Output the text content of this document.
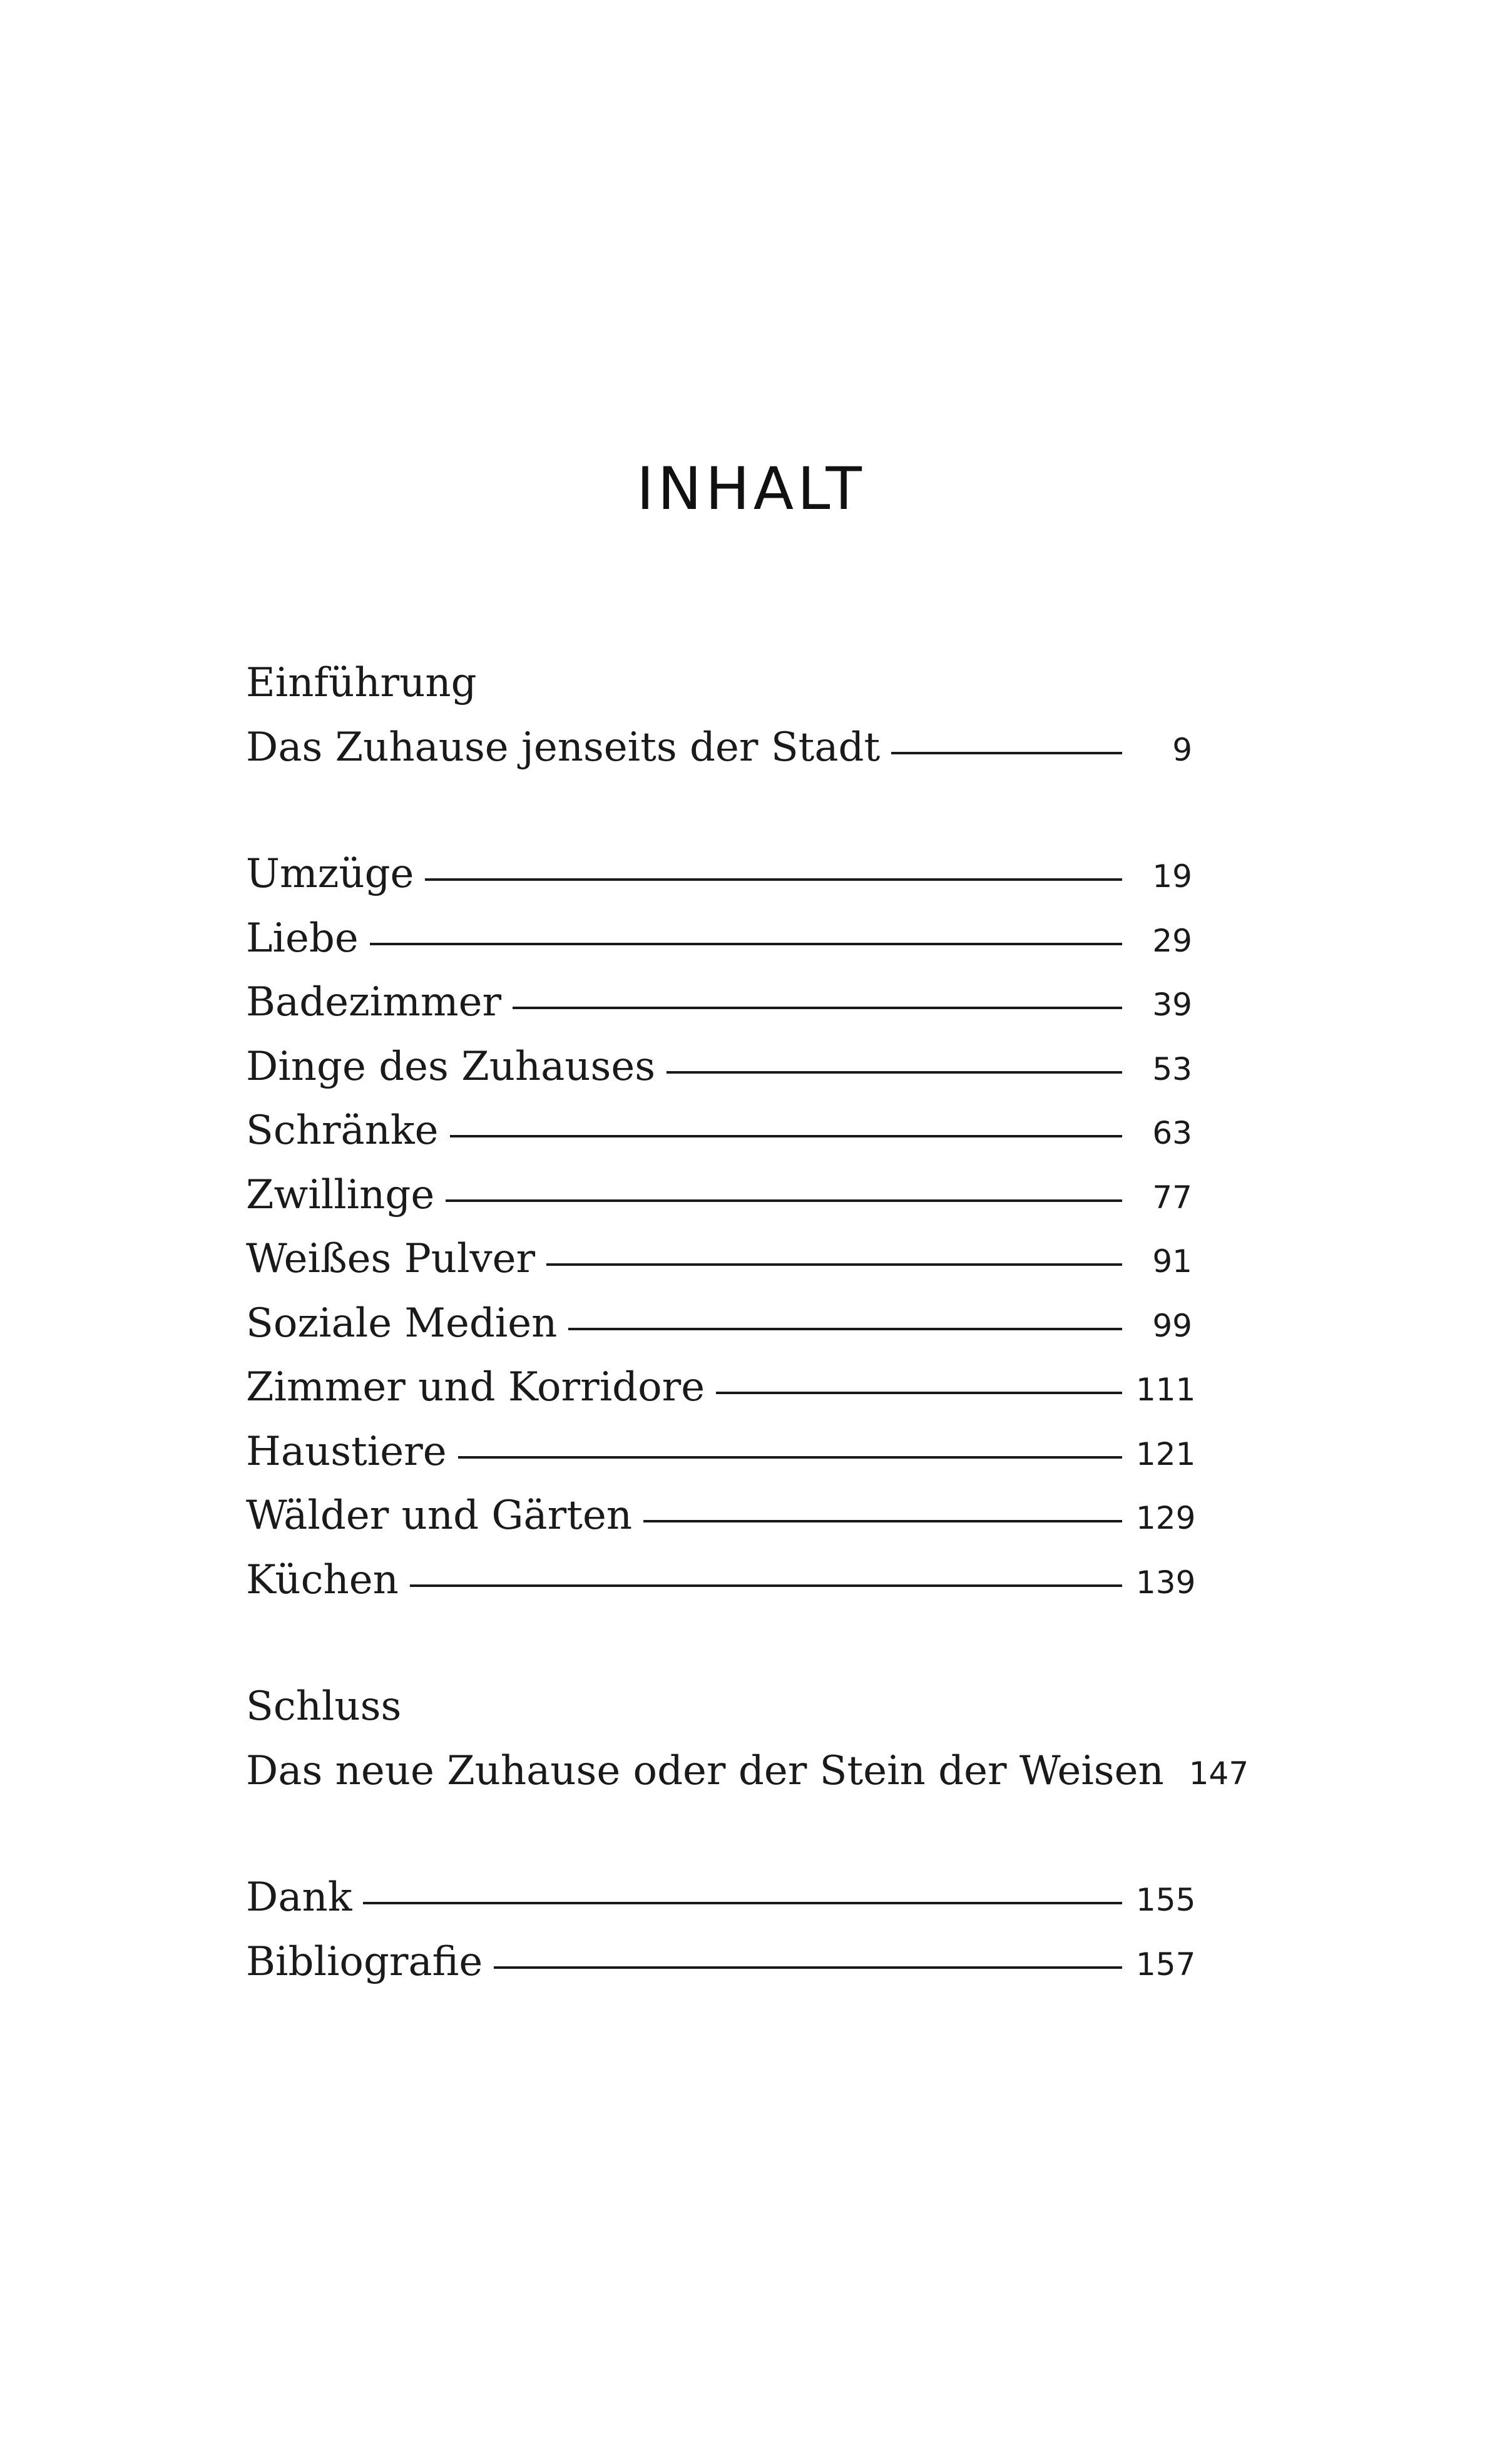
INHALT
Einführung
Das Zuhause jenseits der Stadt	9
Umzüge	19
Liebe	29
Badezimmer	39
Dinge des Zuhauses	53
Schränke	63
Zwillinge	77
Weißes Pulver	91
Soziale Medien	99
Zimmer und Korridore	111
Haustiere	121
Wälder und Gärten	129
Küchen	139
Schluss
Das neue Zuhause oder der Stein der Weisen 147
Dank	155
Bibliografie	157
